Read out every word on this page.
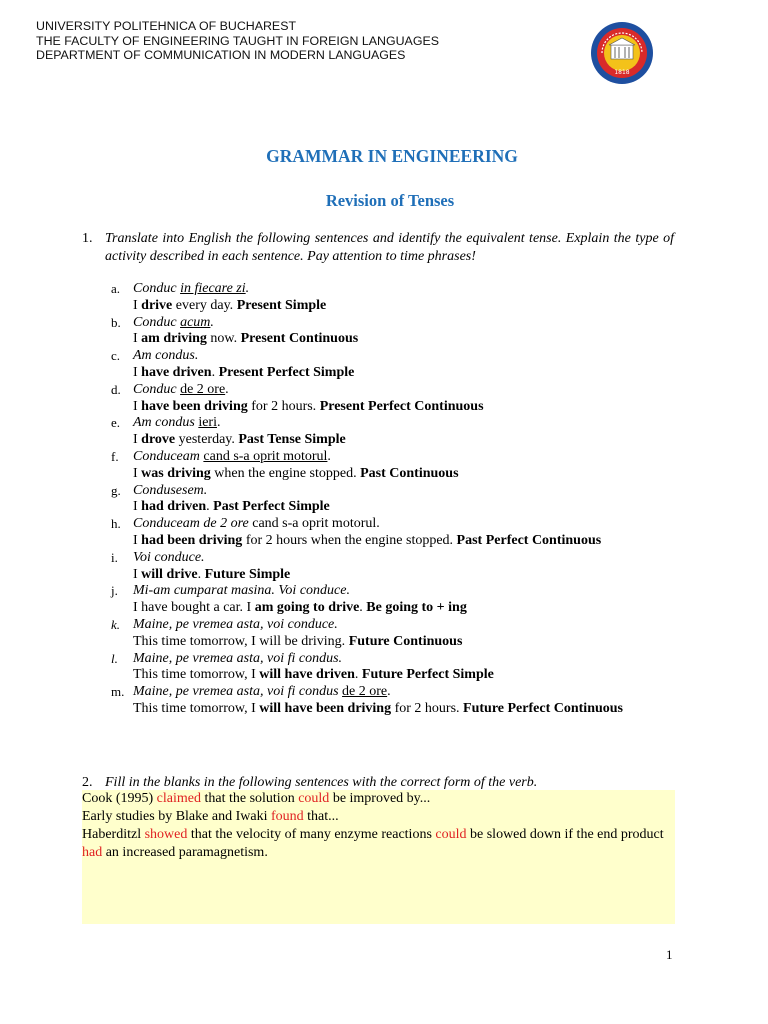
UNIVERSITY POLITEHNICA OF BUCHAREST
THE FACULTY OF ENGINEERING TAUGHT IN FOREIGN LANGUAGES
DEPARTMENT OF COMMUNICATION IN MODERN LANGUAGES
1818
GRAMMAR IN ENGINEERING
Revision of Tenses
1. Translate into English the following sentences and identify the equivalent tense. Explain the type of activity described in each sentence. Pay attention to time phrases!
a. Conduc in fiecare zi.
I drive every day. Present Simple
b. Conduc acum.
I am driving now. Present Continuous
c. Am condus.
I have driven. Present Perfect Simple
d. Conduc de 2 ore.
I have been driving for 2 hours. Present Perfect Continuous
e. Am condus ieri.
I drove yesterday. Past Tense Simple
f.	Conduceam cand s-a oprit motorul.
I was driving when the engine stopped. Past Continuous
g. Condusesem.
I had driven. Past Perfect Simple
h. Conduceam de 2 ore cand s-a oprit motorul.
I had been driving for 2 hours when the engine stopped. Past Perfect Continuous
i.	Voi conduce.
I will drive. Future Simple
j.	Mi-am cumparat masina. Voi conduce.
I have bought a car. I am going to drive. Be going to + ing
k. Maine, pe vremea asta, voi conduce.
This time tomorrow, I will be driving. Future Continuous
l.	Maine, pe vremea asta, voi fi condus.
This time tomorrow, I will have driven. Future Perfect Simple
m. Maine, pe vremea asta, voi fi condus de 2 ore.
This time tomorrow, I will have been driving for 2 hours. Future Perfect Continuous
2. Fill in the blanks in the following sentences with the correct form of the verb.

Cook (1995) claimed that the solution could be improved by...

Early studies by Blake and Iwaki found that...

Haberditzl showed that the velocity of many enzyme reactions could be slowed down if the end product had an increased paramagnetism.

1
